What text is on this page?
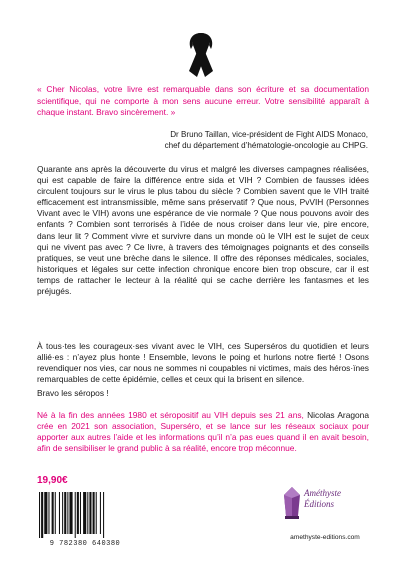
« Cher Nicolas, votre livre est remarquable dans son écriture et sa documentation scientifique, qui ne comporte à mon sens aucune erreur. Votre sensibilité apparaît à chaque instant. Bravo sincèrement. »
Dr Bruno Taillan, vice-président de Fight AIDS Monaco,
chef du département d’hématologie-oncologie au CHPG.
Quarante ans après la découverte du virus et malgré les diverses campagnes réalisées, qui est capable de faire la différence entre sida et VIH ? Combien de fausses idées circulent toujours sur le virus le plus tabou du siècle ? Combien savent que le VIH traité efficacement est intransmissible, même sans préservatif ? Que nous, PvVIH (Personnes Vivant avec le VIH) avons une espérance de vie normale ? Que nous pouvons avoir des enfants ? Combien sont terrorisés à l’idée de nous croiser dans leur vie, pire encore, dans leur lit ? Comment vivre et survivre dans un monde où le VIH est le sujet de ceux qui ne vivent pas avec ? Ce livre, à travers des témoignages poignants et des conseils pratiques, se veut une brèche dans le silence. Il offre des réponses médicales, sociales, historiques et légales sur cette infection chronique encore bien trop obscure, car il est temps de rattacher le lecteur à la réalité qui se cache derrière les fantasmes et les préjugés.
À tous·tes les courageux·ses vivant avec le VIH, ces Superséros du quotidien et leurs allié·es : n’ayez plus honte ! Ensemble, levons le poing et hurlons notre fierté ! Osons revendiquer nos vies, car nous ne sommes ni coupables ni victimes, mais des héros·ïnes remarquables de cette épidémie, celles et ceux qui la brisent en silence.
Bravo les séropos !
Né à la fin des années 1980 et séropositif au VIH depuis ses 21 ans, Nicolas Aragona crée en 2021 son association, Superséro, et se lance sur les réseaux sociaux pour apporter aux autres l’aide et les informations qu’il n’a pas eues quand il en avait besoin, afin de sensibiliser le grand public à sa réalité, encore trop méconnue.
19,90€
9 782380 640380
Améthyste
Éditions
amethyste-editions.com
